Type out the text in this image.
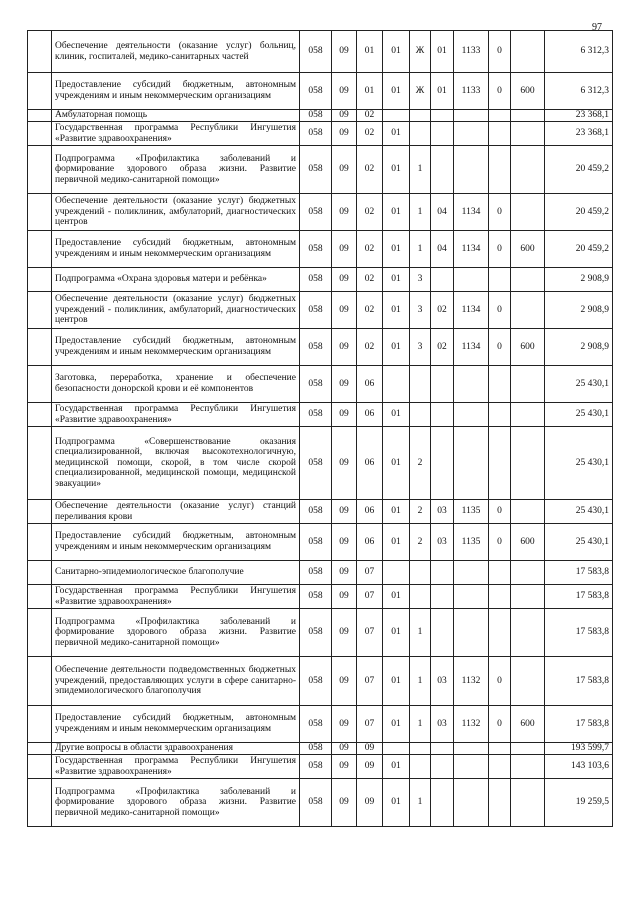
97
	Обеспечение деятельности (оказание услуг) больниц, клиник, госпиталей, медико-санитарных частей	058	09	01	01	Ж	01	1133	0		6 312,3
	Предоставление субсидий бюджетным, автономным учреждениям и иным некоммерческим организациям	058	09	01	01	Ж	01	1133	0	600	6 312,3
	Амбулаторная помощь	058	09	02							23 368,1
	Государственная программа Республики Ингушетия «Развитие здравоохранения»	058	09	02	01						23 368,1
	Подпрограмма «Профилактика заболеваний и формирование здорового образа жизни. Развитие первичной медико-санитарной помощи»	058	09	02	01	1					20 459,2
	Обеспечение деятельности (оказание услуг) бюджетных учреждений - поликлиник, амбулаторий, диагностических центров	058	09	02	01	1	04	1134	0		20 459,2
	Предоставление субсидий бюджетным, автономным учреждениям и иным некоммерческим организациям	058	09	02	01	1	04	1134	0	600	20 459,2
	Подпрограмма «Охрана здоровья матери и ребёнка»	058	09	02	01	3					2 908,9
	Обеспечение деятельности (оказание услуг) бюджетных учреждений - поликлиник, амбулаторий, диагностических центров	058	09	02	01	3	02	1134	0		2 908,9
	Предоставление субсидий бюджетным, автономным учреждениям и иным некоммерческим организациям	058	09	02	01	3	02	1134	0	600	2 908,9
	Заготовка, переработка, хранение и обеспечение безопасности донорской крови и её компонентов	058	09	06							25 430,1
	Государственная программа Республики Ингушетия «Развитие здравоохранения»	058	09	06	01						25 430,1
	Подпрограмма «Совершенствование оказания специализированной, включая высокотехнологичную, медицинской помощи, скорой, в том числе скорой специализированной, медицинской помощи, медицинской эвакуации»	058	09	06	01	2					25 430,1
	Обеспечение деятельности (оказание услуг) станций переливания крови	058	09	06	01	2	03	1135	0		25 430,1
	Предоставление субсидий бюджетным, автономным учреждениям и иным некоммерческим организациям	058	09	06	01	2	03	1135	0	600	25 430,1
	Санитарно-эпидемиологическое благополучие	058	09	07							17 583,8
	Государственная программа Республики Ингушетия «Развитие здравоохранения»	058	09	07	01						17 583,8
	Подпрограмма «Профилактика заболеваний и формирование здорового образа жизни. Развитие первичной медико-санитарной помощи»	058	09	07	01	1					17 583,8
	Обеспечение деятельности подведомственных бюджетных учреждений, предоставляющих услуги в сфере санитарно-эпидемиологического благополучия	058	09	07	01	1	03	1132	0		17 583,8
	Предоставление субсидий бюджетным, автономным учреждениям и иным некоммерческим организациям	058	09	07	01	1	03	1132	0	600	17 583,8
	Другие вопросы в области здравоохранения	058	09	09							193 599,7
	Государственная программа Республики Ингушетия «Развитие здравоохранения»	058	09	09	01						143 103,6
	Подпрограмма «Профилактика заболеваний и формирование здорового образа жизни. Развитие первичной медико-санитарной помощи»	058	09	09	01	1					19 259,5
